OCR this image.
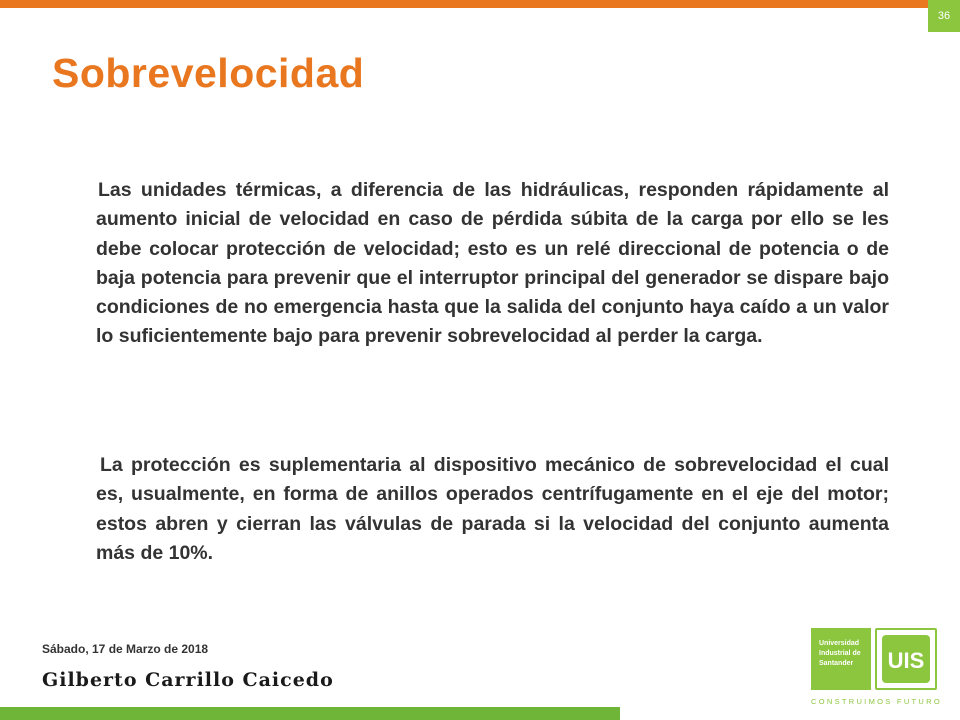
36
Sobrevelocidad

Las unidades térmicas, a diferencia de las hidráulicas, responden rápidamente al aumento inicial de velocidad en caso de pérdida súbita de la carga por ello se les debe colocar protección de velocidad; esto es un relé direccional de potencia o de baja potencia para prevenir que el interruptor principal del generador se dispare bajo condiciones de no emergencia hasta que la salida del conjunto haya caído a un valor lo suficientemente bajo para prevenir sobrevelocidad al perder la carga.

La protección es suplementaria al dispositivo mecánico de sobrevelocidad el cual es, usualmente, en forma de anillos operados centrífugamente en el eje del motor; estos abren y cierran las válvulas de parada si la velocidad del conjunto aumenta más de 10%.

Sábado, 17 de Marzo de 2018
Gilberto Carrillo Caicedo
Universidad
Industrial de
Santander	UIS
CONSTRUIMOS FUTURO
